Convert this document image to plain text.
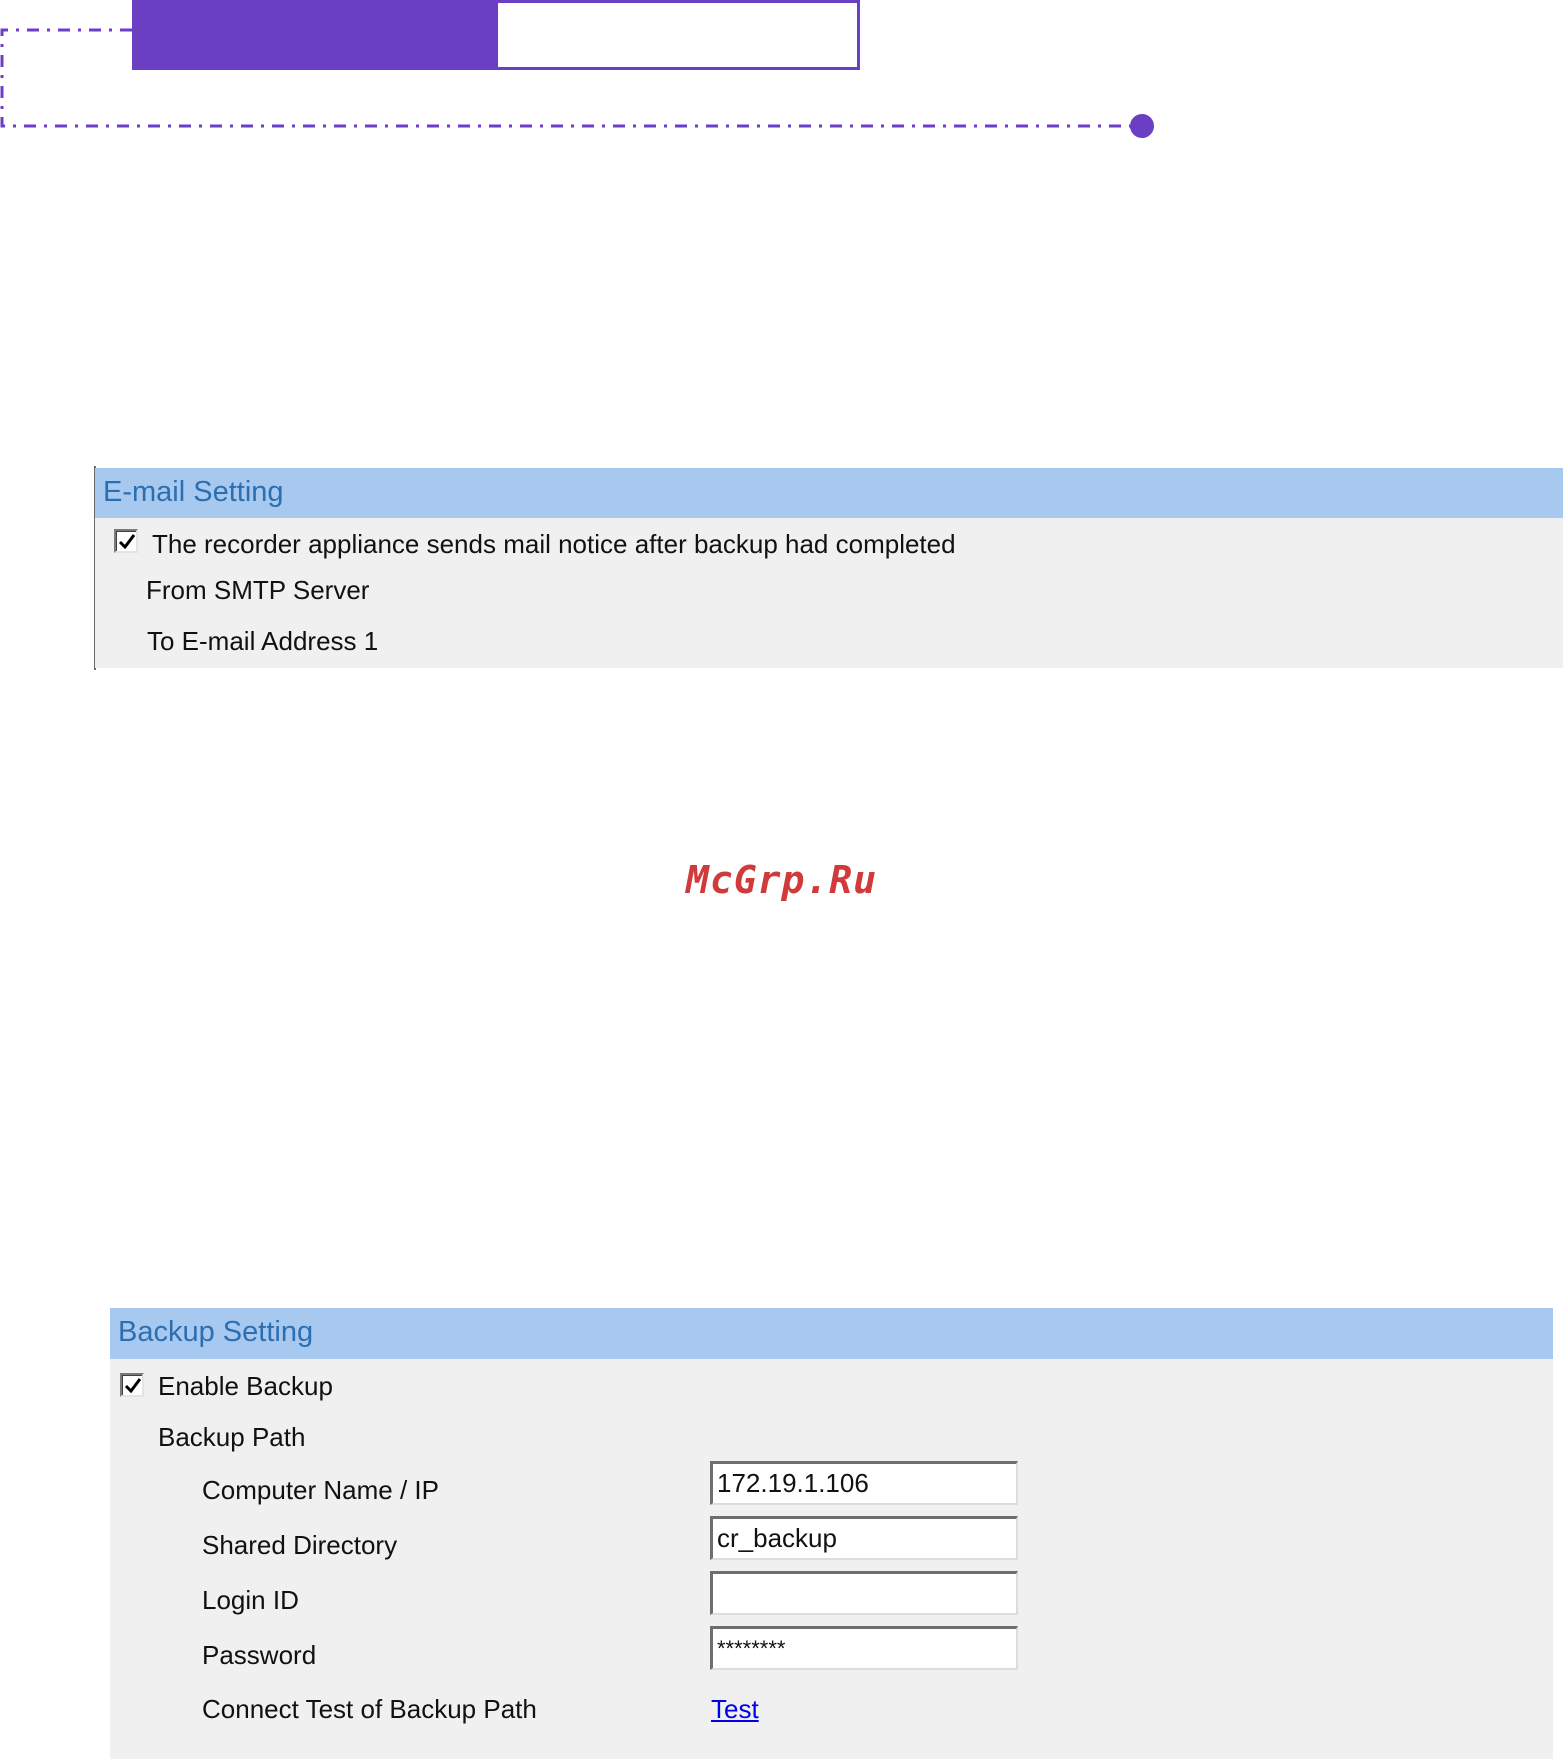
E-mail Setting
The recorder appliance sends mail notice after backup had completed
From SMTP Server
To E-mail Address 1
McGrp.Ru
Backup Setting
Enable Backup
Backup Path
Computer Name / IP
172.19.1.106
Shared Directory
cr_backup
Login ID
Password
********
Connect Test of Backup Path	Test
